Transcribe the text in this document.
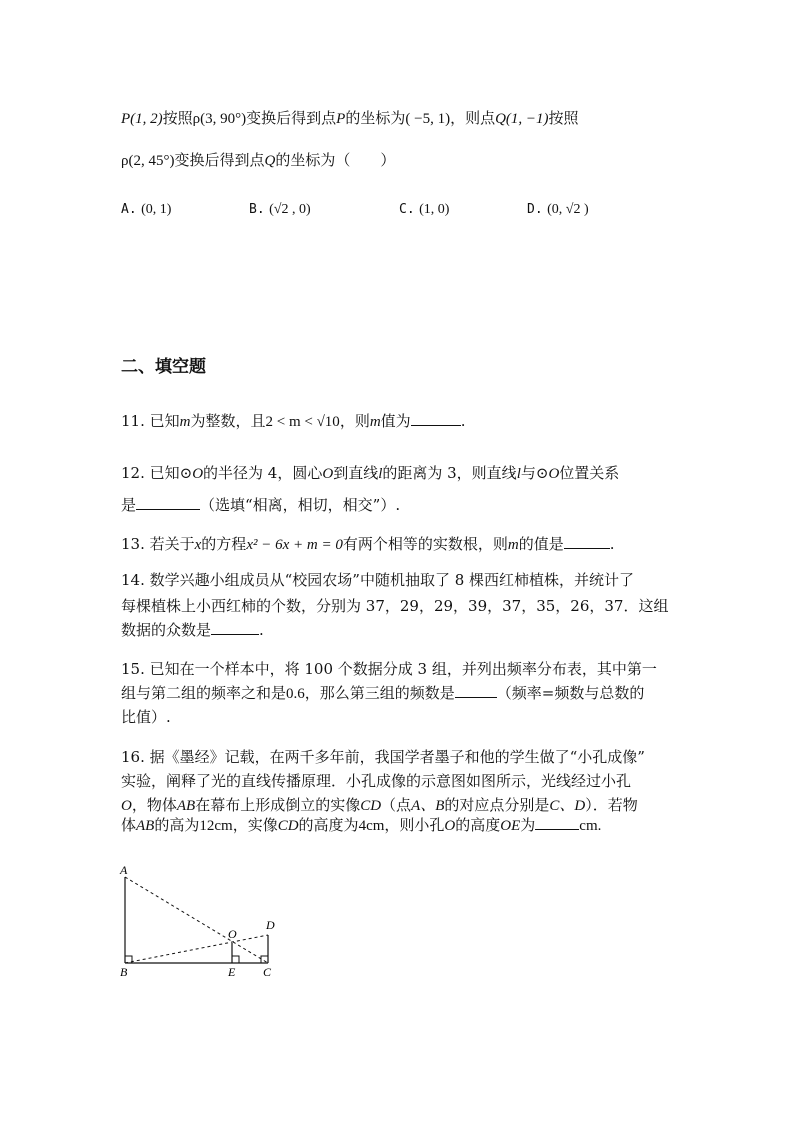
P(1, 2)按照ρ(3, 90°)变换后得到点P的坐标为( −5, 1)，则点Q(1, −1)按照
ρ(2, 45°)变换后得到点Q的坐标为（　　）
A. (0, 1)	B. (√2 , 0)	C. (1, 0)	D. (0, √2 )
二、填空题
11. 已知m为整数，且2 < m < √10，则m值为	.
12. 已知⊙O的半径为 4，圆心O到直线l的距离为 3，则直线l与⊙O位置关系
是	（选填“相离，相切，相交”）.
13. 若关于x的方程x² − 6x + m = 0有两个相等的实数根，则m的值是	.
14. 数学兴趣小组成员从“校园农场”中随机抽取了 8 棵西红柿植株，并统计了
每棵植株上小西红柿的个数，分别为 37，29，29，39，37，35，26，37．这组
数据的众数是	.
15. 已知在一个样本中，将 100 个数据分成 3 组，并列出频率分布表，其中第一
组与第二组的频率之和是0.6，那么第三组的频数是	（频率=频数与总数的
比值）.
16. 据《墨经》记载，在两千多年前，我国学者墨子和他的学生做了“小孔成像”
实验，阐释了光的直线传播原理．小孔成像的示意图如图所示，光线经过小孔
O，物体AB在幕布上形成倒立的实像CD（点A、B的对应点分别是C、D）．若物
体AB的高为12cm，实像CD的高度为4cm，则小孔O的高度OE为	cm.
A
B	E C
O
D
